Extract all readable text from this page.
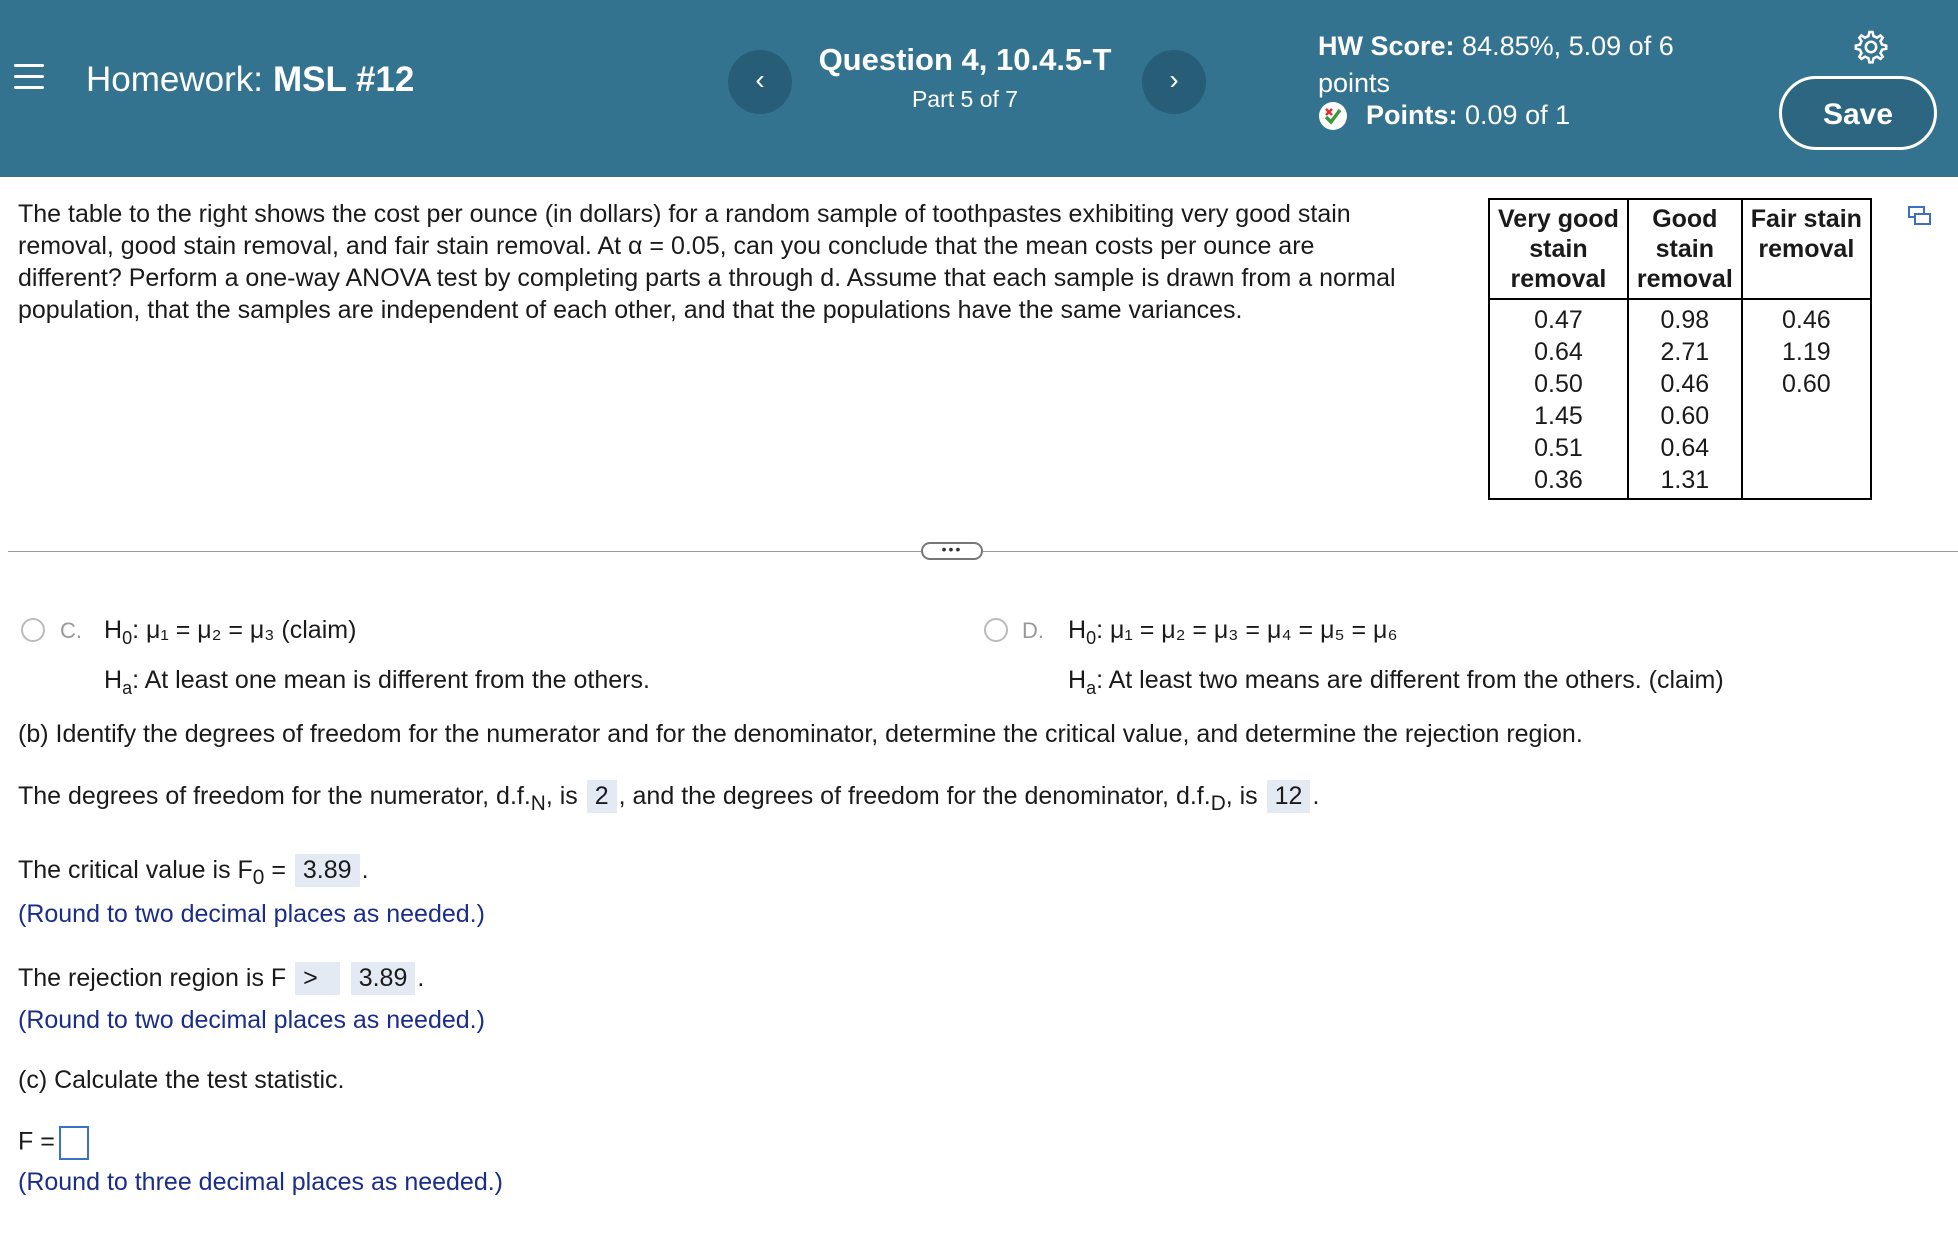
Homework: MSL #12	‹
Question 4, 10.4.5-T
Part 5 of 7
›
HW Score: 84.85%, 5.09 of 6 points
Points:
0.09 of 1	Save
The table to the right shows the cost per ounce (in dollars) for a random sample of toothpastes exhibiting very good stain removal, good stain removal, and fair stain removal. At α = 0.05, can you conclude that the mean costs per ounce are different? Perform a one-way ANOVA test by completing parts a through d. Assume that each sample is drawn from a normal population, that the samples are independent of each other, and that the populations have the same variances.
Very good
stain
removal	Good
stain
removal	Fair stain
removal
0.47	0.98	0.46
0.64	2.71	1.19
0.50	0.46	0.60
1.45	0.60	
0.51	0.64	
0.36	1.31	
•••
C. $H_0$: μ₁ = μ₂ = μ₃ (claim)
$H_a$: At least one mean is different from the others.
D. $H_0$: μ₁ = μ₂ = μ₃ = μ₄ = μ₅ = μ₆
$H_a$: At least two means are different from the others. (claim)
(b) Identify the degrees of freedom for the numerator and for the denominator, determine the critical value, and determine the rejection region.
The degrees of freedom for the numerator, $d.f._N$, is 2 , and the degrees of freedom for the denominator, $d.f._D$, is 12 .
The critical value is $F_0 = 3.89$ .
(Round to two decimal places as needed.)
The rejection region is F > 3.89 .
(Round to two decimal places as needed.)
(c) Calculate the test statistic.
F =
(Round to three decimal places as needed.)
